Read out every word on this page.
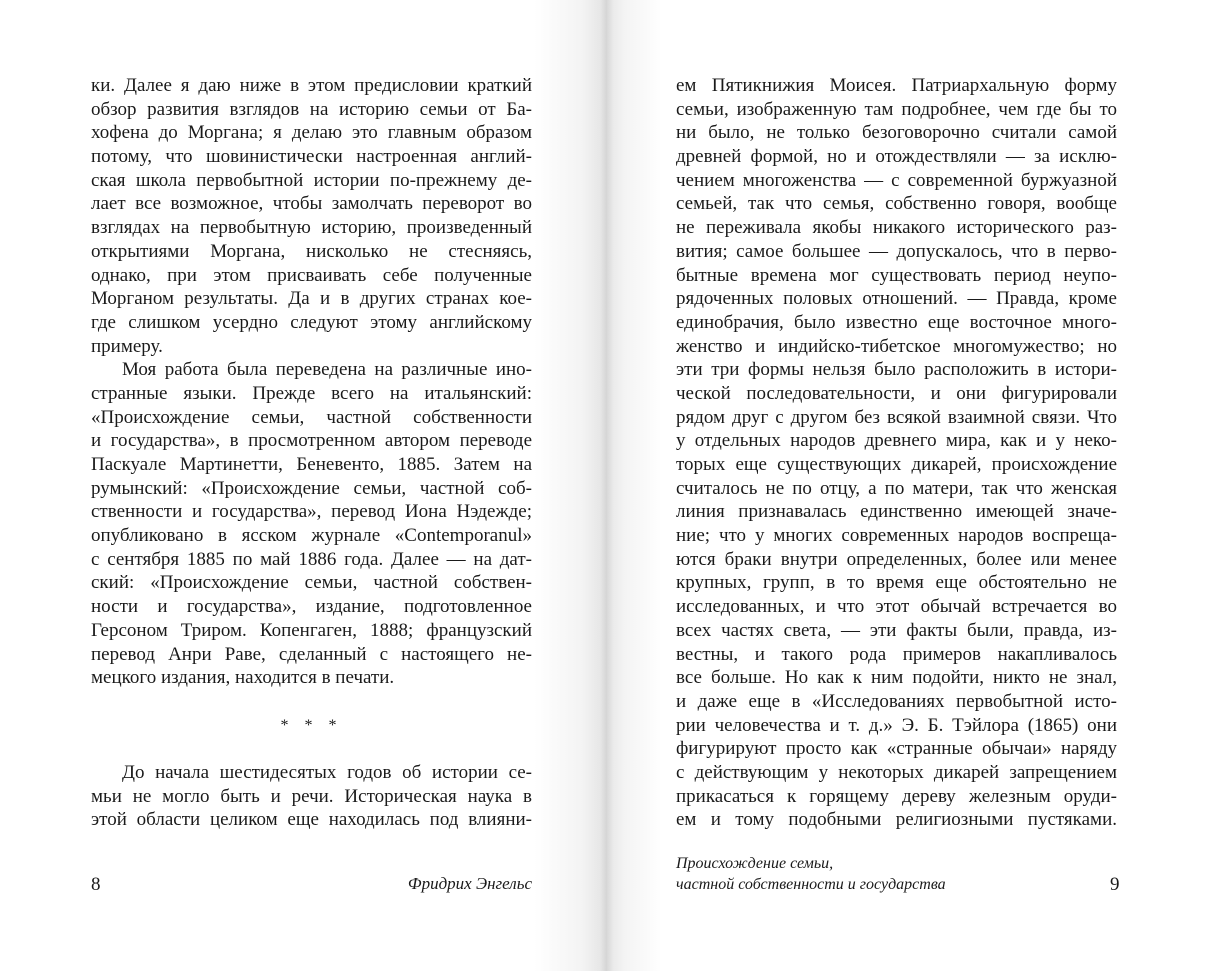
ки. Далее я даю ниже в этом предисловии краткий
обзор развития взглядов на историю семьи от Ба-
хофена до Моргана; я делаю это главным образом
потому, что шовинистически настроенная англий-
ская школа первобытной истории по-прежнему де-
лает все возможное, чтобы замолчать переворот во
взглядах на первобытную историю, произведенный
открытиями Моргана, нисколько не стесняясь,
однако, при этом присваивать себе полученные
Морганом результаты. Да и в других странах кое-
где слишком усердно следуют этому английскому
примеру.
Моя работа была переведена на различные ино-
странные языки. Прежде всего на итальянский:
«Происхождение семьи, частной собственности
и государства», в просмотренном автором переводе
Паскуале Мартинетти, Беневенто, 1885. Затем на
румынский: «Происхождение семьи, частной соб-
ственности и государства», перевод Иона Нэдежде;
опубликовано в ясском журнале «Contemporanul»
с сентября 1885 по май 1886 года. Далее — на дат-
ский: «Происхождение семьи, частной собствен-
ности и государства», издание, подготовленное
Герсоном Триром. Копенгаген, 1888; французский
перевод Анри Раве, сделанный с настоящего не-
мецкого издания, находится в печати.
* * *
До начала шестидесятых годов об истории се-
мьи не могло быть и речи. Историческая наука в
этой области целиком еще находилась под влияни-
8	Фридрих Энгельс
ем Пятикнижия Моисея. Патриархальную форму
семьи, изображенную там подробнее, чем где бы то
ни было, не только безоговорочно считали самой
древней формой, но и отождествляли — за исклю-
чением многоженства — с современной буржуазной
семьей, так что семья, собственно говоря, вообще
не переживала якобы никакого исторического раз-
вития; самое большее — допускалось, что в перво-
бытные времена мог существовать период неупо-
рядоченных половых отношений. — Правда, кроме
единобрачия, было известно еще восточное много-
женство и индийско-тибетское многомужество; но
эти три формы нельзя было расположить в истори-
ческой последовательности, и они фигурировали
рядом друг с другом без всякой взаимной связи. Что
у отдельных народов древнего мира, как и у неко-
торых еще существующих дикарей, происхождение
считалось не по отцу, а по матери, так что женская
линия признавалась единственно имеющей значе-
ние; что у многих современных народов воспреща-
ются браки внутри определенных, более или менее
крупных, групп, в то время еще обстоятельно не
исследованных, и что этот обычай встречается во
всех частях света, — эти факты были, правда, из-
вестны, и такого рода примеров накапливалось
все больше. Но как к ним подойти, никто не знал,
и даже еще в «Исследованиях первобытной исто-
рии человечества и т. д.» Э. Б. Тэйлора (1865) они
фигурируют просто как «странные обычаи» наряду
с действующим у некоторых дикарей запрещением
прикасаться к горящему дереву железным оруди-
ем и тому подобными религиозными пустяками.
Происхождение семьи,
частной собственности и государства	9
